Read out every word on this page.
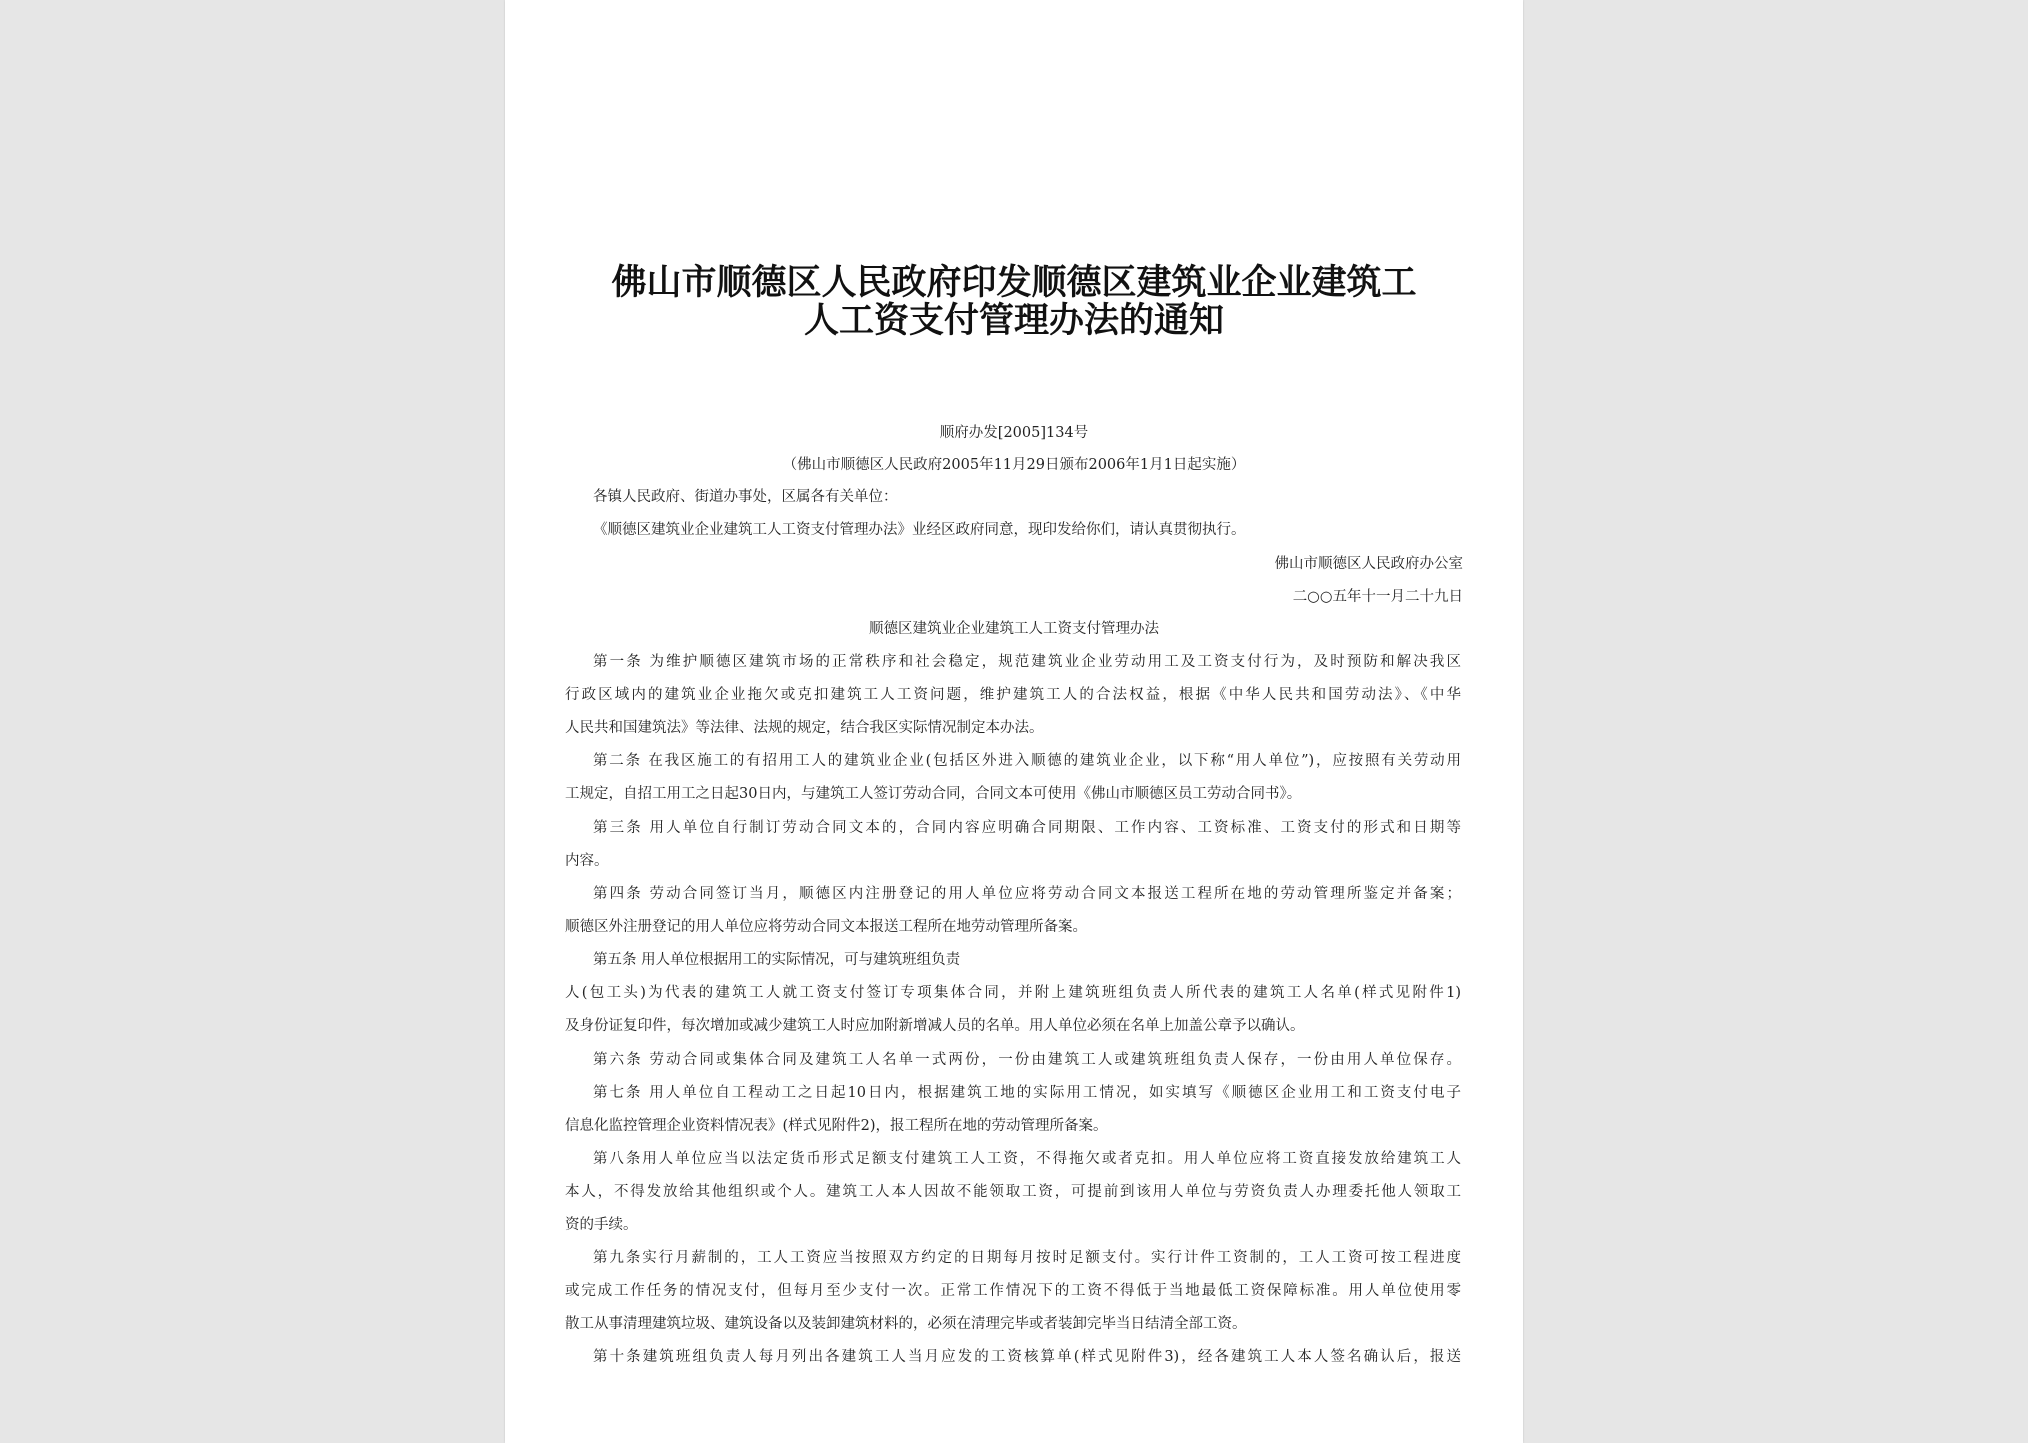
佛山市顺德区人民政府印发顺德区建筑业企业建筑工
人工资支付管理办法的通知
顺府办发[2005]134号
（佛山市顺德区人民政府2005年11月29日颁布2006年1月1日起实施）
各镇人民政府、街道办事处，区属各有关单位：
《顺德区建筑业企业建筑工人工资支付管理办法》业经区政府同意，现印发给你们，请认真贯彻执行。
佛山市顺德区人民政府办公室
二○○五年十一月二十九日
顺德区建筑业企业建筑工人工资支付管理办法
第一条 为维护顺德区建筑市场的正常秩序和社会稳定，规范建筑业企业劳动用工及工资支付行为，及时预防和解决我区
行政区域内的建筑业企业拖欠或克扣建筑工人工资问题，维护建筑工人的合法权益，根据《中华人民共和国劳动法》、《中华
人民共和国建筑法》等法律、法规的规定，结合我区实际情况制定本办法。
第二条 在我区施工的有招用工人的建筑业企业(包括区外进入顺德的建筑业企业，以下称“用人单位”)，应按照有关劳动用
工规定，自招工用工之日起30日内，与建筑工人签订劳动合同，合同文本可使用《佛山市顺德区员工劳动合同书》。
第三条 用人单位自行制订劳动合同文本的，合同内容应明确合同期限、工作内容、工资标准、工资支付的形式和日期等
内容。
第四条 劳动合同签订当月，顺德区内注册登记的用人单位应将劳动合同文本报送工程所在地的劳动管理所鉴定并备案；
顺德区外注册登记的用人单位应将劳动合同文本报送工程所在地劳动管理所备案。
第五条 用人单位根据用工的实际情况，可与建筑班组负责
人(包工头)为代表的建筑工人就工资支付签订专项集体合同，并附上建筑班组负责人所代表的建筑工人名单(样式见附件1)
及身份证复印件，每次增加或减少建筑工人时应加附新增减人员的名单。用人单位必须在名单上加盖公章予以确认。
第六条 劳动合同或集体合同及建筑工人名单一式两份，一份由建筑工人或建筑班组负责人保存，一份由用人单位保存。
第七条 用人单位自工程动工之日起10日内，根据建筑工地的实际用工情况，如实填写《顺德区企业用工和工资支付电子
信息化监控管理企业资料情况表》(样式见附件2)，报工程所在地的劳动管理所备案。
第八条用人单位应当以法定货币形式足额支付建筑工人工资，不得拖欠或者克扣。用人单位应将工资直接发放给建筑工人
本人，不得发放给其他组织或个人。建筑工人本人因故不能领取工资，可提前到该用人单位与劳资负责人办理委托他人领取工
资的手续。
第九条实行月薪制的，工人工资应当按照双方约定的日期每月按时足额支付。实行计件工资制的，工人工资可按工程进度
或完成工作任务的情况支付，但每月至少支付一次。正常工作情况下的工资不得低于当地最低工资保障标准。用人单位使用零
散工从事清理建筑垃圾、建筑设备以及装卸建筑材料的，必须在清理完毕或者装卸完毕当日结清全部工资。
第十条建筑班组负责人每月列出各建筑工人当月应发的工资核算单(样式见附件3)，经各建筑工人本人签名确认后，报送
